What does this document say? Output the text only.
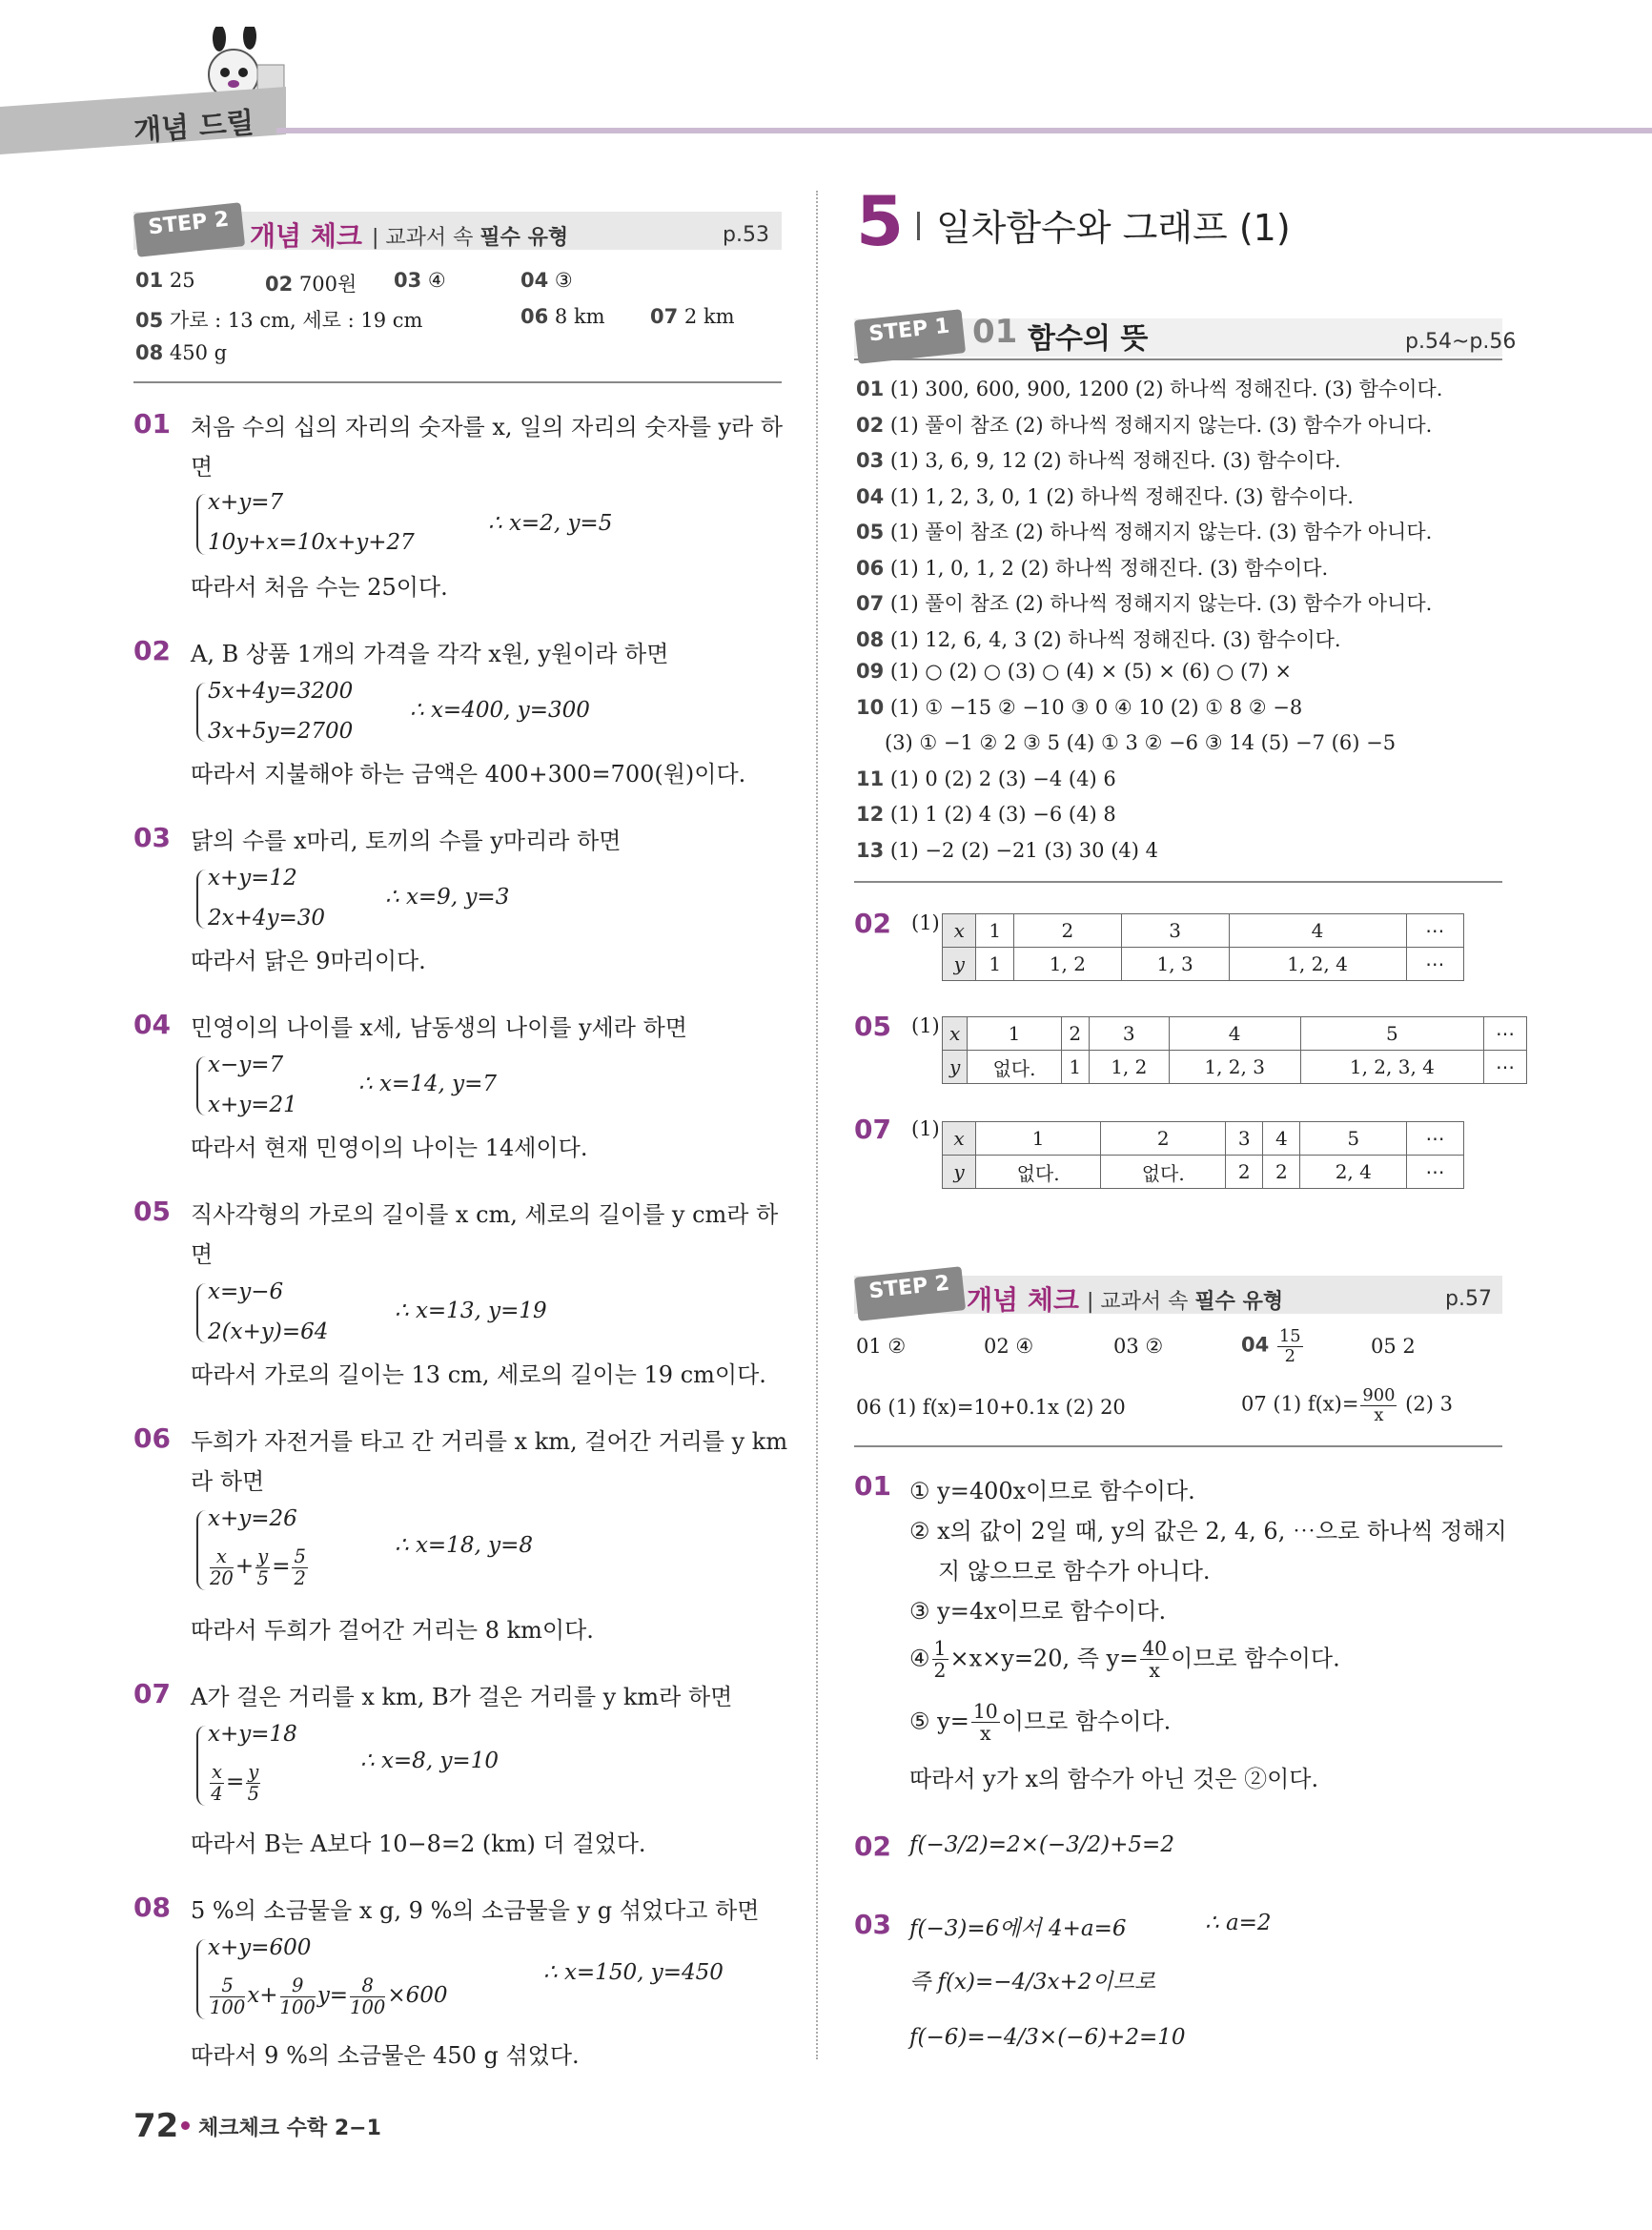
개념 드릴
STEP 2 개념 체크 | 교과서 속 필수 유형	p.53
01 25	02 700원 03 ④	04 ③
05 가로 : 13 cm, 세로 : 19 cm	06 8 km 07 2 km
08 450 g
01 처음 수의 십의 자리의 숫자를 x, 일의 자리의 숫자를 y라 하
면
x+y=7
10y+x=10x+y+27
∴ x=2, y=5
따라서 처음 수는 25이다.
02 A, B 상품 1개의 가격을 각각 x원, y원이라 하면
5x+4y=3200
3x+5y=2700
∴ x=400, y=300
따라서 지불해야 하는 금액은 400+300=700(원)이다.
03 닭의 수를 x마리, 토끼의 수를 y마리라 하면
x+y=12
2x+4y=30
∴ x=9, y=3
따라서 닭은 9마리이다.
04 민영이의 나이를 x세, 남동생의 나이를 y세라 하면
x−y=7
x+y=21
∴ x=14, y=7
따라서 현재 민영이의 나이는 14세이다.
05 직사각형의 가로의 길이를 x cm, 세로의 길이를 y cm라 하
면
x=y−6
2(x+y)=64
∴ x=13, y=19
따라서 가로의 길이는 13 cm, 세로의 길이는 19 cm이다.
06 두희가 자전거를 타고 간 거리를 x km, 걸어간 거리를 y km
라 하면
x+y=26
$\frac{x}{20} + \frac{y}{5} = \frac{5}{2}$
∴ x=18, y=8
따라서 두희가 걸어간 거리는 8 km이다.
07 A가 걸은 거리를 x km, B가 걸은 거리를 y km라 하면
x+y=18
$\frac{x}{4} = \frac{y}{5}$
∴ x=8, y=10
따라서 B는 A보다 10−8=2 (km) 더 걸었다.
08 5 %의 소금물을 x g, 9 %의 소금물을 y g 섞었다고 하면
x+y=600
$\frac{5}{100} x+ \frac{9}{100} y= \frac{8}{100} \times 600$
∴ x=150, y=450
따라서 9 %의 소금물은 450 g 섞었다.
5 일차함수와 그래프 (1)
STEP 1 01 함수의 뜻	p.54~p.56
01 (1) 300, 600, 900, 1200 (2) 하나씩 정해진다. (3) 함수이다.
02 (1) 풀이 참조 (2) 하나씩 정해지지 않는다. (3) 함수가 아니다.
03 (1) 3, 6, 9, 12 (2) 하나씩 정해진다. (3) 함수이다.
04 (1) 1, 2, 3, 0, 1 (2) 하나씩 정해진다. (3) 함수이다.
05 (1) 풀이 참조 (2) 하나씩 정해지지 않는다. (3) 함수가 아니다.
06 (1) 1, 0, 1, 2 (2) 하나씩 정해진다. (3) 함수이다.
07 (1) 풀이 참조 (2) 하나씩 정해지지 않는다. (3) 함수가 아니다.
08 (1) 12, 6, 4, 3 (2) 하나씩 정해진다. (3) 함수이다.
09 (1) ○ (2) ○ (3) ○ (4) × (5) × (6) ○ (7) ×
10 (1) ① −15 ② −10 ③ 0 ④ 10 (2) ① 8 ② −8
(3) ① −1 ② 2 ③ 5 (4) ① 3 ② −6 ③ 14 (5) −7 (6) −5
11 (1) 0 (2) 2 (3) −4 (4) 6
12 (1) 1 (2) 4 (3) −6 (4) 8
13 (1) −2 (2) −21 (3) 30 (4) 4
02 (1) x	1	2	3	4	⋯
y	1	1, 2	1, 3	1, 2, 4	⋯
05 (1) x	1	2	3	4	5	⋯
y	없다.	1	1, 2	1, 2, 3	1, 2, 3, 4	⋯
07 (1) x	1	2	3	4	5	⋯
y	없다.	없다.	2	2	2, 4	⋯
STEP 2 개념 체크 | 교과서 속 필수 유형	p.57
01 ②	02 ④	03 ②	$04 \frac{15}{2}$	05 2
06 (1) f(x)=10+0.1x (2) 20	07 (1) $f(x)= \frac{900}{x} (2)$ 3
01 ① y=400x이므로 함수이다.
② x의 값이 2일 때, y의 값은 2, 4, 6, ⋯으로 하나씩 정해지
지 않으므로 함수가 아니다.
③ y=4x이므로 함수이다.
④ $\frac{1}{2} \times x\times y=20$, 즉 $y= \frac{40}{x}$ 이므로 함수이다.
⑤ $y= \frac{10}{x}$ 이므로 함수이다.
따라서 y가 x의 함수가 아닌 것은 ②이다.
02 f(−3/2)=2×(−3/2)+5=2
03 f(−3)=6에서 4+a=6	∴ a=2
즉 f(x)=−4/3x+2이므로
f(−6)=−4/3×(−6)+2=10
72 체크체크 수학 2−1
